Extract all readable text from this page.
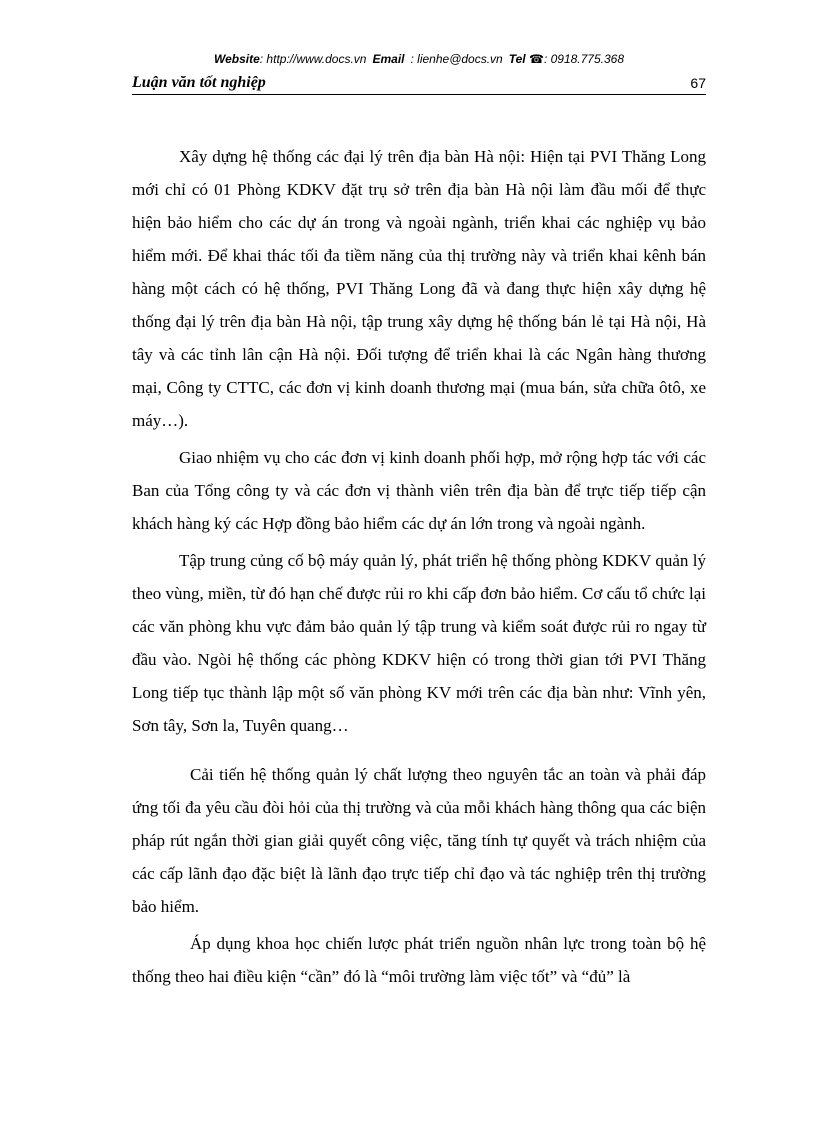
Website: http://www.docs.vn Email : lienhe@docs.vn Tel ☎: 0918.775.368
Luận văn tốt nghiệp	67

Xây dựng hệ thống các đại lý trên địa bàn Hà nội: Hiện tại PVI Thăng Long mới chỉ có 01 Phòng KDKV đặt trụ sở trên địa bàn Hà nội làm đầu mối để thực hiện bảo hiểm cho các dự án trong và ngoài ngành, triển khai các nghiệp vụ bảo hiểm mới. Để khai thác tối đa tiềm năng của thị trường này và triển khai kênh bán hàng một cách có hệ thống, PVI Thăng Long đã và đang thực hiện xây dựng hệ thống đại lý trên địa bàn Hà nội, tập trung xây dựng hệ thống bán lẻ tại Hà nội, Hà tây và các tỉnh lân cận Hà nội. Đối tượng để triển khai là các Ngân hàng thương mại, Công ty CTTC, các đơn vị kinh doanh thương mại (mua bán, sửa chữa ôtô, xe máy…).

Giao nhiệm vụ cho các đơn vị kinh doanh phối hợp, mở rộng hợp tác với các Ban của Tổng công ty và các đơn vị thành viên trên địa bàn để trực tiếp tiếp cận khách hàng ký các Hợp đồng bảo hiểm các dự án lớn trong và ngoài ngành.

Tập trung củng cố bộ máy quản lý, phát triển hệ thống phòng KDKV quản lý theo vùng, miền, từ đó hạn chế được rủi ro khi cấp đơn bảo hiểm. Cơ cấu tổ chức lại các văn phòng khu vực đảm bảo quản lý tập trung và kiểm soát được rủi ro ngay từ đầu vào. Ngòi hệ thống các phòng KDKV hiện có trong thời gian tới PVI Thăng Long tiếp tục thành lập một số văn phòng KV mới trên các địa bàn như: Vĩnh yên, Sơn tây, Sơn la, Tuyên quang…

Cải tiến hệ thống quản lý chất lượng theo nguyên tắc an toàn và phải đáp ứng tối đa yêu cầu đòi hỏi của thị trường và của mỗi khách hàng thông qua các biện pháp rút ngắn thời gian giải quyết công việc, tăng tính tự quyết và trách nhiệm của các cấp lãnh đạo đặc biệt là lãnh đạo trực tiếp chỉ đạo và tác nghiệp trên thị trường bảo hiểm.

Áp dụng khoa học chiến lược phát triển nguồn nhân lực trong toàn bộ hệ thống theo hai điều kiện “cần” đó là “môi trường làm việc tốt” và “đủ” là
